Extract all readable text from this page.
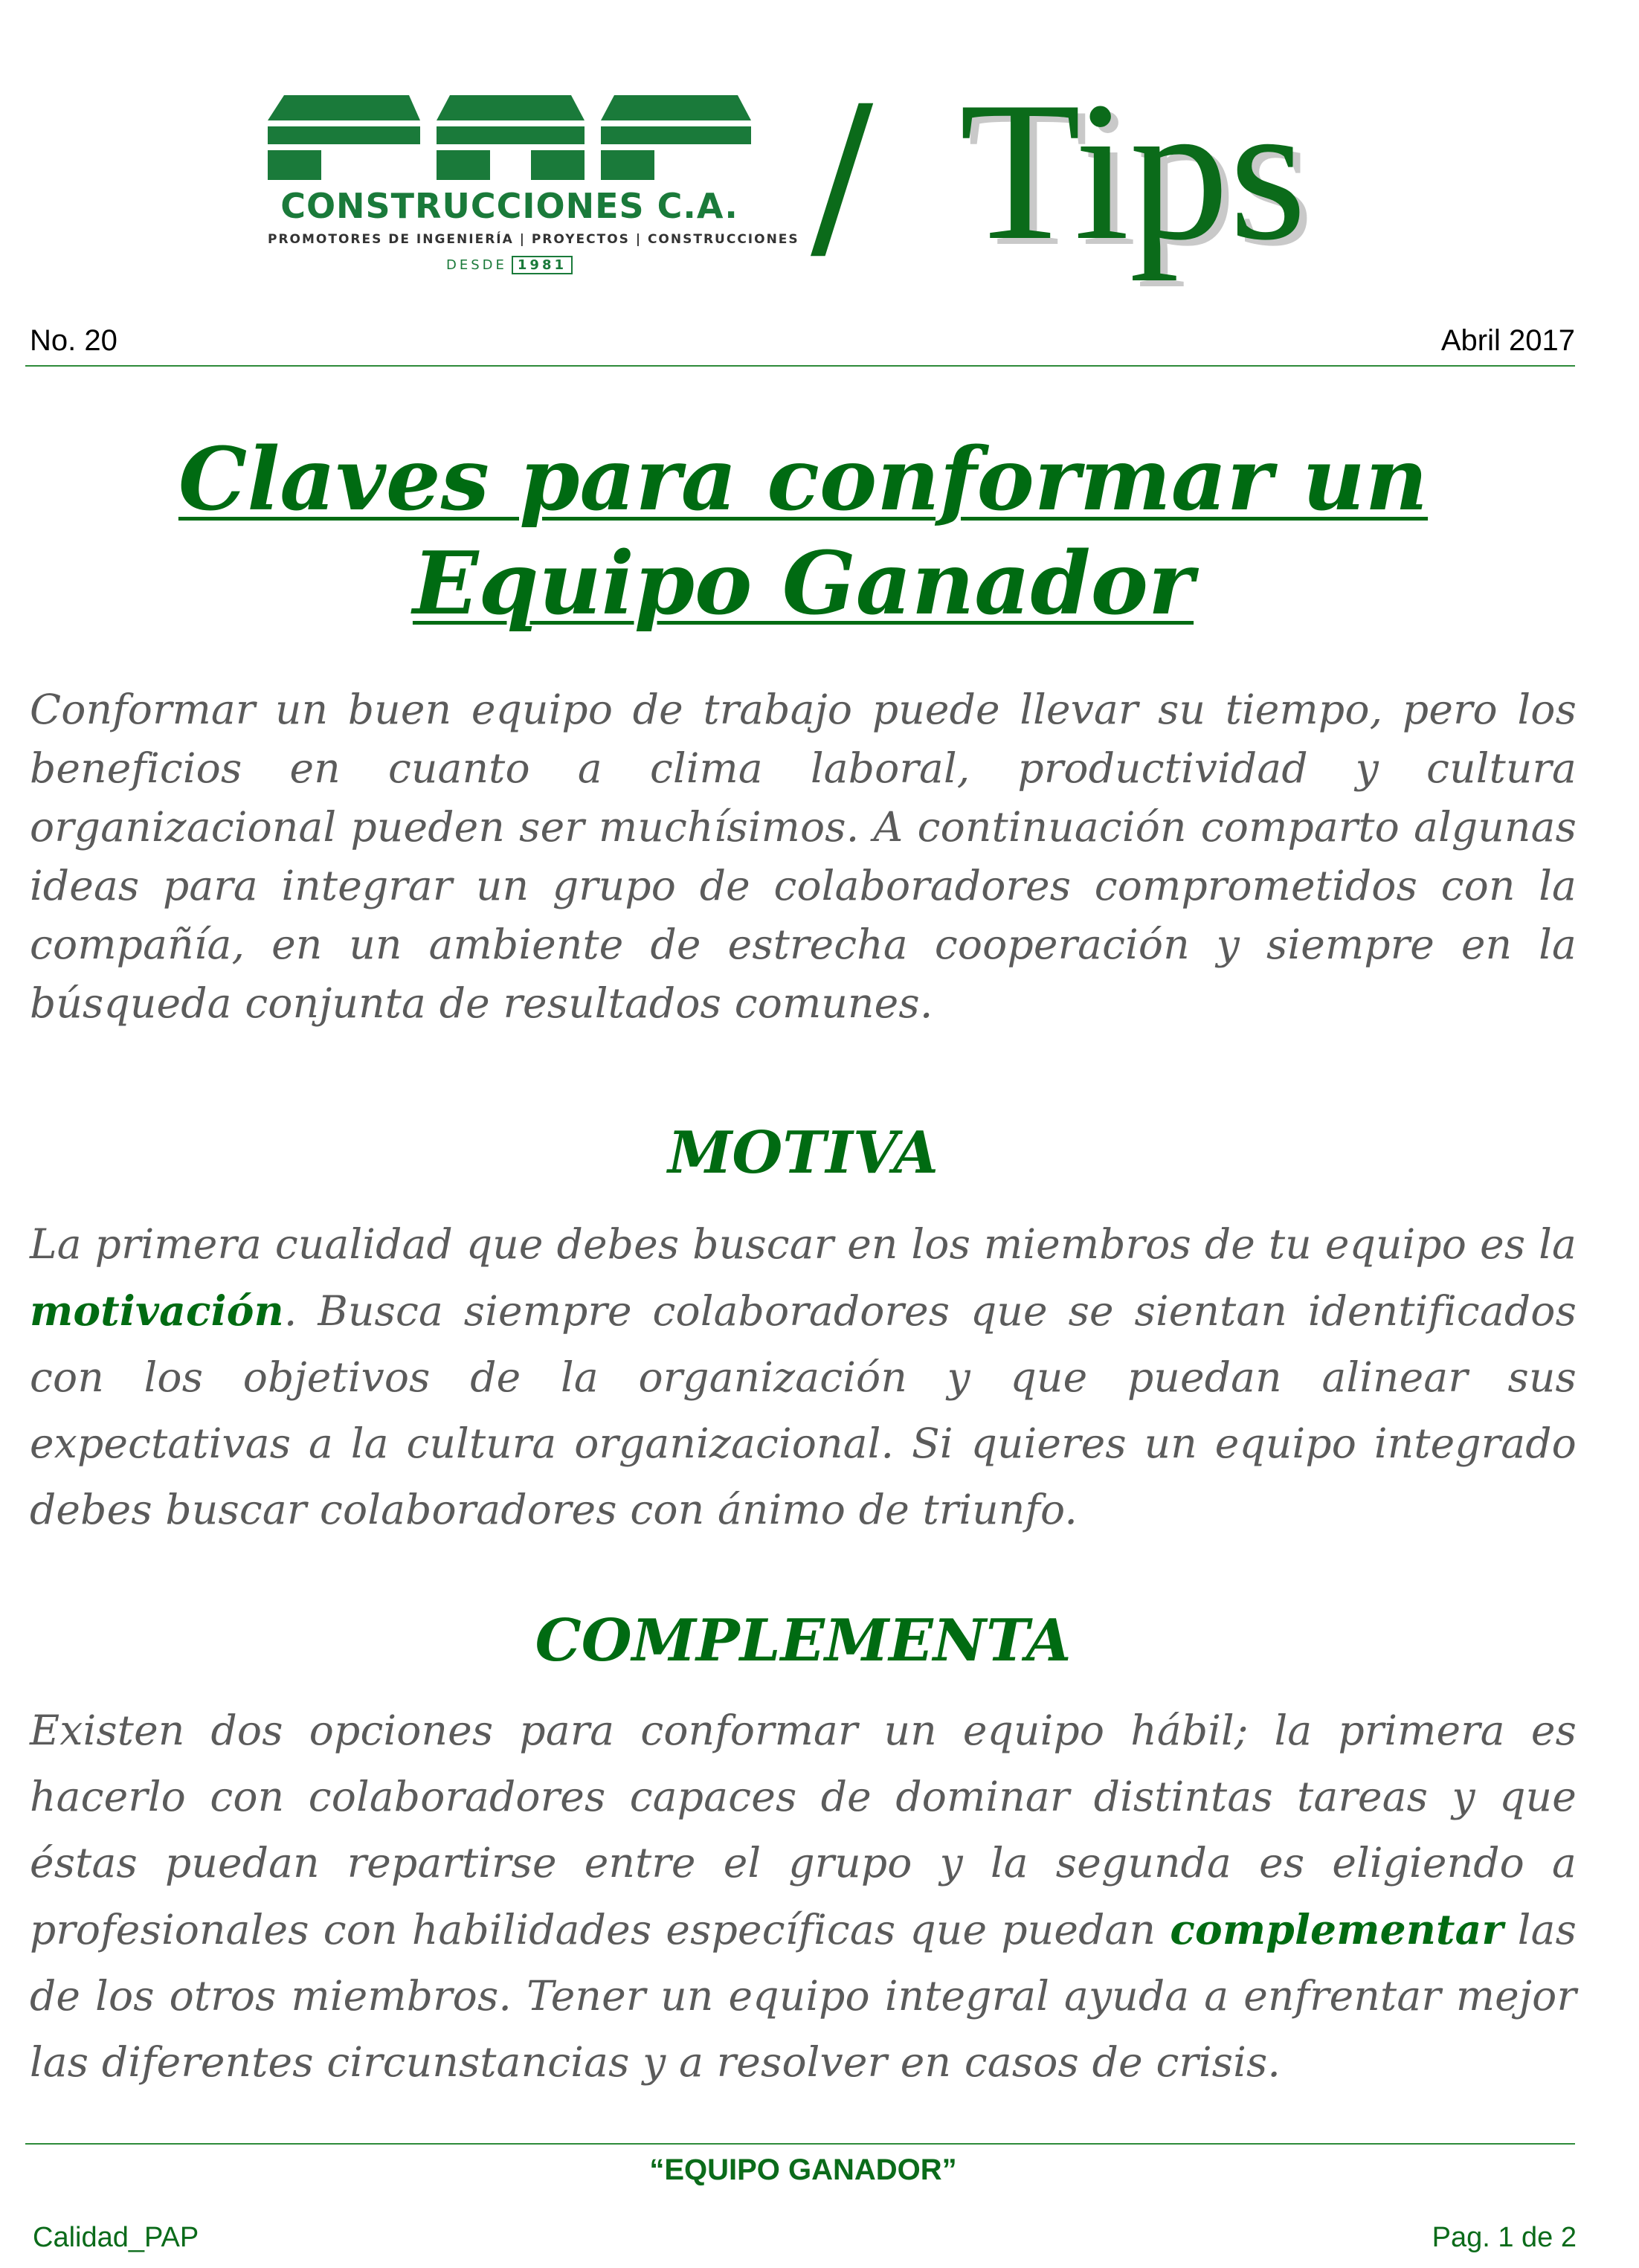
CONSTRUCCIONES C.A.
PROMOTORES DE INGENIERÍA | PROYECTOS | CONSTRUCCIONES
DESDE 1981	/ Tips
No. 20	Abril 2017
Claves para conformar un
Equipo Ganador
Conformar un buen equipo de trabajo puede llevar su tiempo, pero los beneficios en cuanto a clima laboral, productividad y cultura organizacional pueden ser muchísimos. A continuación comparto algunas ideas para integrar un grupo de colaboradores comprometidos con la compañía, en un ambiente de estrecha cooperación y siempre en la búsqueda conjunta de resultados comunes.
MOTIVA
La primera cualidad que debes buscar en los miembros de tu equipo es la motivación. Busca siempre colaboradores que se sientan identificados con los objetivos de la organización y que puedan alinear sus expectativas a la cultura organizacional. Si quieres un equipo integrado debes buscar colaboradores con ánimo de triunfo.
COMPLEMENTA
Existen dos opciones para conformar un equipo hábil; la primera es hacerlo con colaboradores capaces de dominar distintas tareas y que éstas puedan repartirse entre el grupo y la segunda es eligiendo a profesionales con habilidades específicas que puedan complementar las de los otros miembros. Tener un equipo integral ayuda a enfrentar mejor las diferentes circunstancias y a resolver en casos de crisis.
“EQUIPO GANADOR”
Calidad_PAP	Pag. 1 de 2
